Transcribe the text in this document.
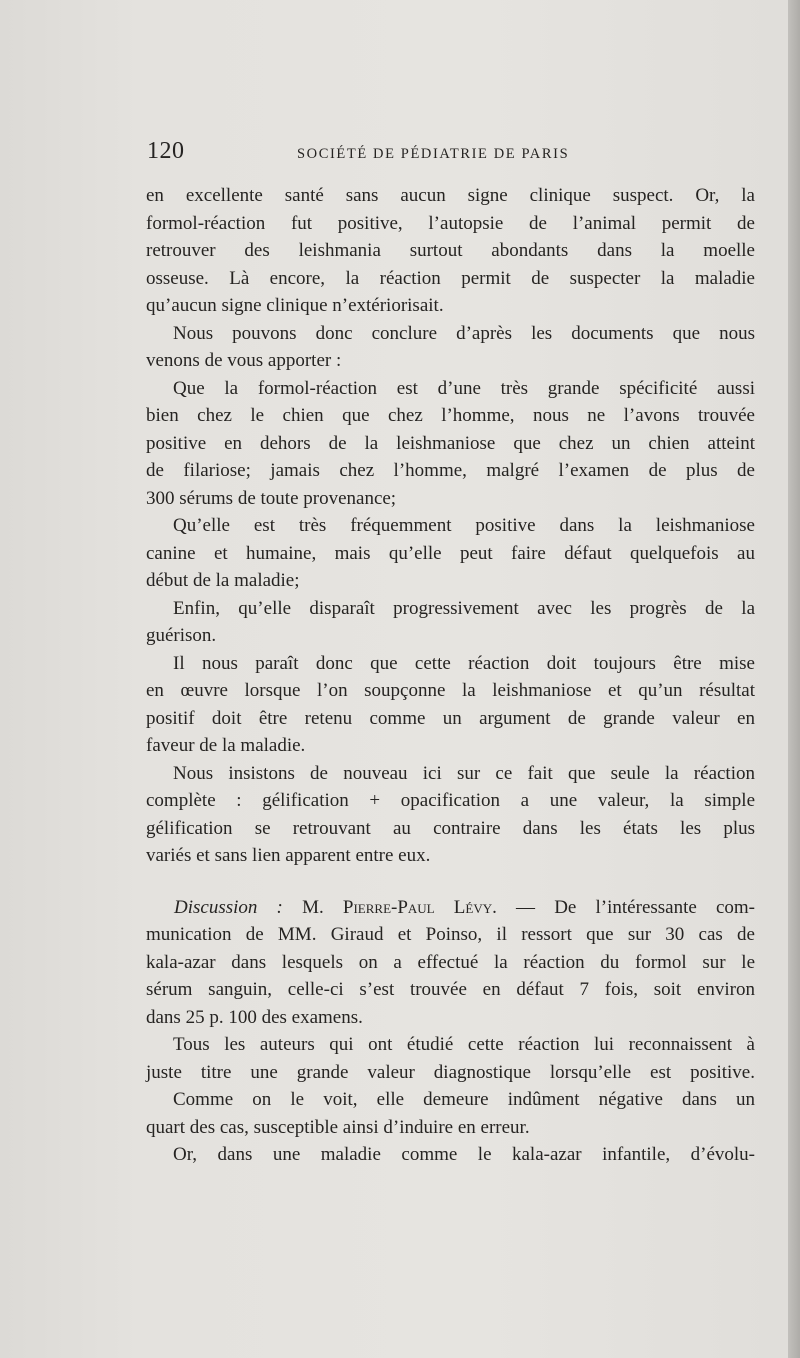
120	SOCIÉTÉ DE PÉDIATRIE DE PARIS

en excellente santé sans aucun signe clinique suspect. Or, la
formol-réaction fut positive, l’autopsie de l’animal permit de
retrouver des leishmania surtout abondants dans la moelle
osseuse. Là encore, la réaction permit de suspecter la maladie
qu’aucun signe clinique n’extériorisait.
Nous pouvons donc conclure d’après les documents que nous
venons de vous apporter :
Que la formol-réaction est d’une très grande spécificité aussi
bien chez le chien que chez l’homme, nous ne l’avons trouvée
positive en dehors de la leishmaniose que chez un chien atteint
de filariose; jamais chez l’homme, malgré l’examen de plus de
300 sérums de toute provenance;
Qu’elle est très fréquemment positive dans la leishmaniose
canine et humaine, mais qu’elle peut faire défaut quelquefois au
début de la maladie;
Enfin, qu’elle disparaît progressivement avec les progrès de la
guérison.
Il nous paraît donc que cette réaction doit toujours être mise
en œuvre lorsque l’on soupçonne la leishmaniose et qu’un résultat
positif doit être retenu comme un argument de grande valeur en
faveur de la maladie.
Nous insistons de nouveau ici sur ce fait que seule la réaction
complète : gélification + opacification a une valeur, la simple
gélification se retrouvant au contraire dans les états les plus
variés et sans lien apparent entre eux.
Discussion : M. Pierre-Paul Lévy. — De l’intéressante com-
munication de MM. Giraud et Poinso, il ressort que sur 30 cas de
kala-azar dans lesquels on a effectué la réaction du formol sur le
sérum sanguin, celle-ci s’est trouvée en défaut 7 fois, soit environ
dans 25 p. 100 des examens.
Tous les auteurs qui ont étudié cette réaction lui reconnaissent à
juste titre une grande valeur diagnostique lorsqu’elle est positive.
Comme on le voit, elle demeure indûment négative dans un
quart des cas, susceptible ainsi d’induire en erreur.
Or, dans une maladie comme le kala-azar infantile, d’évolu-
